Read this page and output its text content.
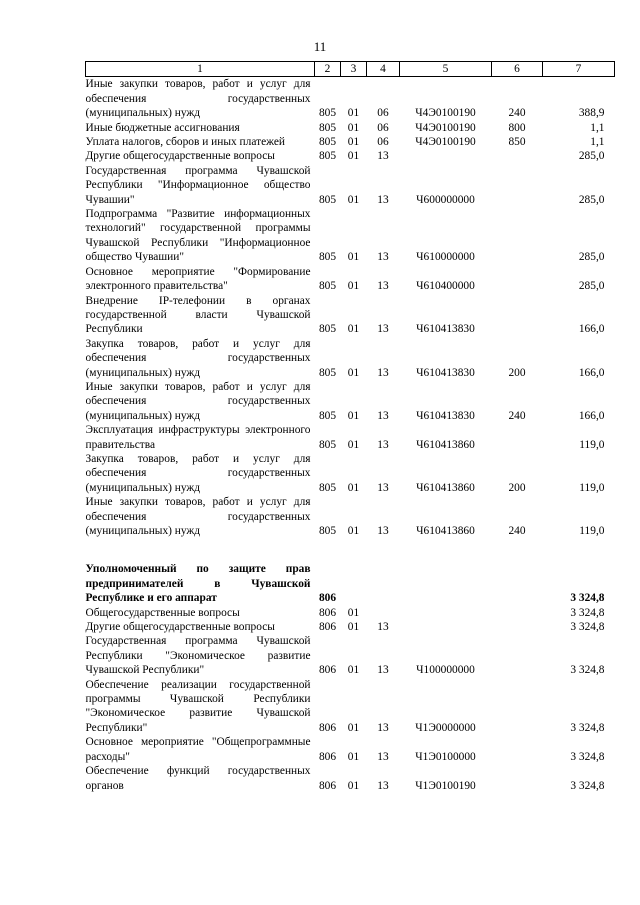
11
1	2	3	4	5	6	7
Иные закупки товаров, работ и услуг для обеспечения государственных (муниципальных) нужд	805	01	06	Ч4Э0100190	240	388,9
Иные бюджетные ассигнования	805	01	06	Ч4Э0100190	800	1,1
Уплата налогов, сборов и иных платежей	805	01	06	Ч4Э0100190	850	1,1
Другие общегосударственные вопросы	805	01	13			285,0
Государственная программа Чувашской Республики "Информационное общество Чувашии"	805	01	13	Ч600000000		285,0
Подпрограмма "Развитие информационных технологий" государственной программы Чувашской Республики "Информационное общество Чувашии"	805	01	13	Ч610000000		285,0
Основное мероприятие "Формирование электронного правительства"	805	01	13	Ч610400000		285,0
Внедрение IP-телефонии в органах государственной власти Чувашской Республики	805	01	13	Ч610413830		166,0
Закупка товаров, работ и услуг для обеспечения государственных (муниципальных) нужд	805	01	13	Ч610413830	200	166,0
Иные закупки товаров, работ и услуг для обеспечения государственных (муниципальных) нужд	805	01	13	Ч610413830	240	166,0
Эксплуатация инфраструктуры электронного правительства	805	01	13	Ч610413860		119,0
Закупка товаров, работ и услуг для обеспечения государственных (муниципальных) нужд	805	01	13	Ч610413860	200	119,0
Иные закупки товаров, работ и услуг для обеспечения государственных (муниципальных) нужд	805	01	13	Ч610413860	240	119,0

Уполномоченный по защите прав предпринимателей в Чувашской Республике и его аппарат	806					3 324,8
Общегосударственные вопросы	806	01				3 324,8
Другие общегосударственные вопросы	806	01	13			3 324,8
Государственная программа Чувашской Республики "Экономическое развитие Чувашской Республики"	806	01	13	Ч100000000		3 324,8
Обеспечение реализации государственной программы Чувашской Республики "Экономическое развитие Чувашской Республики"	806	01	13	Ч1Э0000000		3 324,8
Основное мероприятие "Общепрограммные расходы"	806	01	13	Ч1Э0100000		3 324,8
Обеспечение функций государственных органов	806	01	13	Ч1Э0100190		3 324,8
